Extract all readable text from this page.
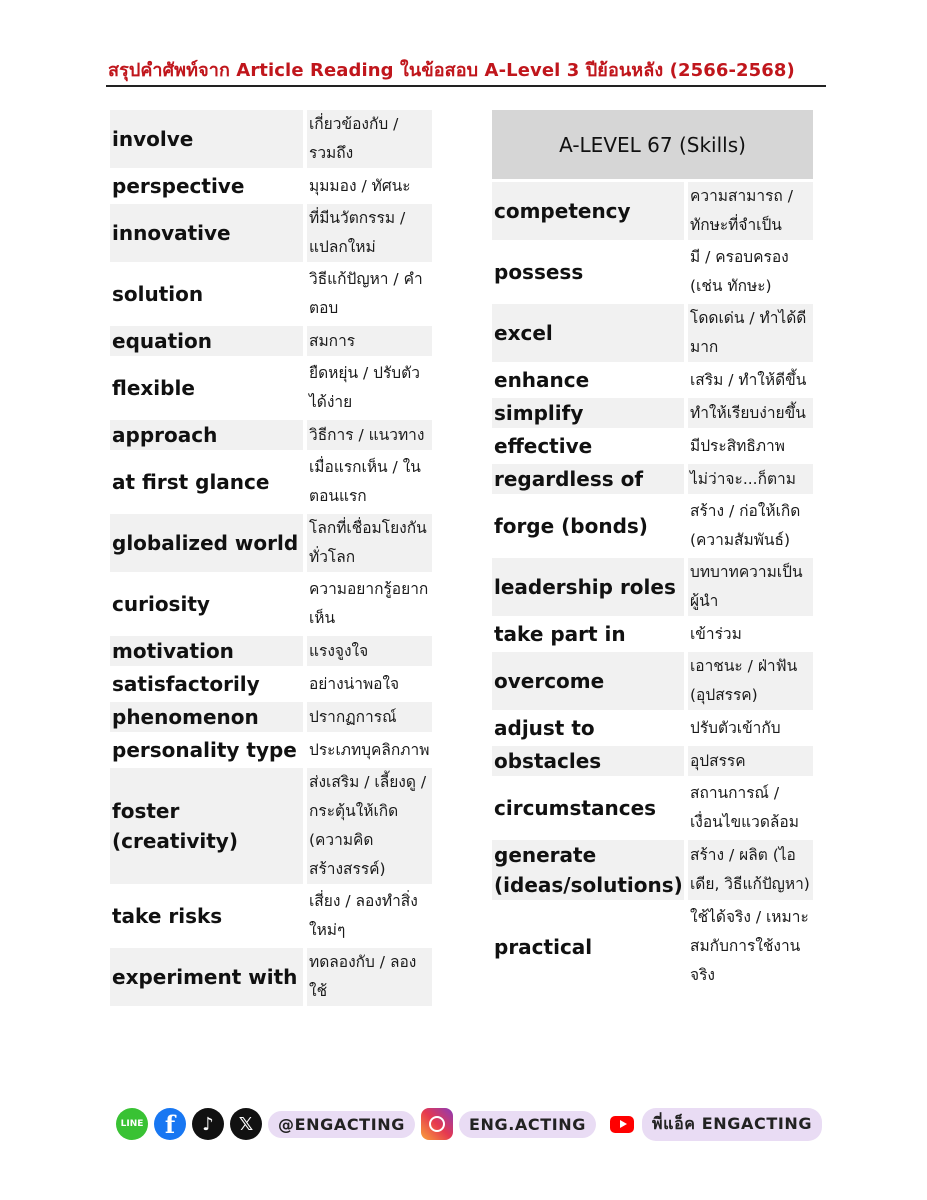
สรุปคำศัพท์จาก Article Reading ในข้อสอบ A-Level 3 ปีย้อนหลัง (2566-2568)
involve		เกี่ยวข้องกับ / รวมถึง
perspective		มุมมอง / ทัศนะ
innovative		ที่มีนวัตกรรม / แปลกใหม่
solution		วิธีแก้ปัญหา / คำตอบ
equation		สมการ
flexible		ยืดหยุ่น / ปรับตัวได้ง่าย
approach		วิธีการ / แนวทาง
at first glance		เมื่อแรกเห็น / ในตอนแรก
globalized world		โลกที่เชื่อมโยงกันทั่วโลก
curiosity		ความอยากรู้อยากเห็น
motivation		แรงจูงใจ
satisfactorily		อย่างน่าพอใจ
phenomenon		ปรากฏการณ์
personality type		ประเภทบุคลิกภาพ
foster (creativity)		ส่งเสริม / เลี้ยงดู / กระตุ้นให้เกิด (ความคิดสร้างสรรค์)
take risks		เสี่ยง / ลองทำสิ่งใหม่ๆ
experiment with		ทดลองกับ / ลองใช้
A-LEVEL 67 (Skills)		
competency		ความสามารถ / ทักษะที่จำเป็น
possess		มี / ครอบครอง (เช่น ทักษะ)
excel		โดดเด่น / ทำได้ดีมาก
enhance		เสริม / ทำให้ดีขึ้น
simplify		ทำให้เรียบง่ายขึ้น
effective		มีประสิทธิภาพ
regardless of		ไม่ว่าจะ...ก็ตาม
forge (bonds)		สร้าง / ก่อให้เกิด (ความสัมพันธ์)
leadership roles		บทบาทความเป็นผู้นำ
take part in		เข้าร่วม
overcome		เอาชนะ / ฝ่าฟัน (อุปสรรค)
adjust to		ปรับตัวเข้ากับ
obstacles		อุปสรรค
circumstances		สถานการณ์ / เงื่อนไขแวดล้อม
generate (ideas/solutions)		สร้าง / ผลิต (ไอเดีย, วิธีแก้ปัญหา)
practical		ใช้ได้จริง / เหมาะสมกับการใช้งานจริง
LINE f	♪	𝕏	@ENGACTING	ENG.ACTING	พี่แอ็ค ENGACTING
